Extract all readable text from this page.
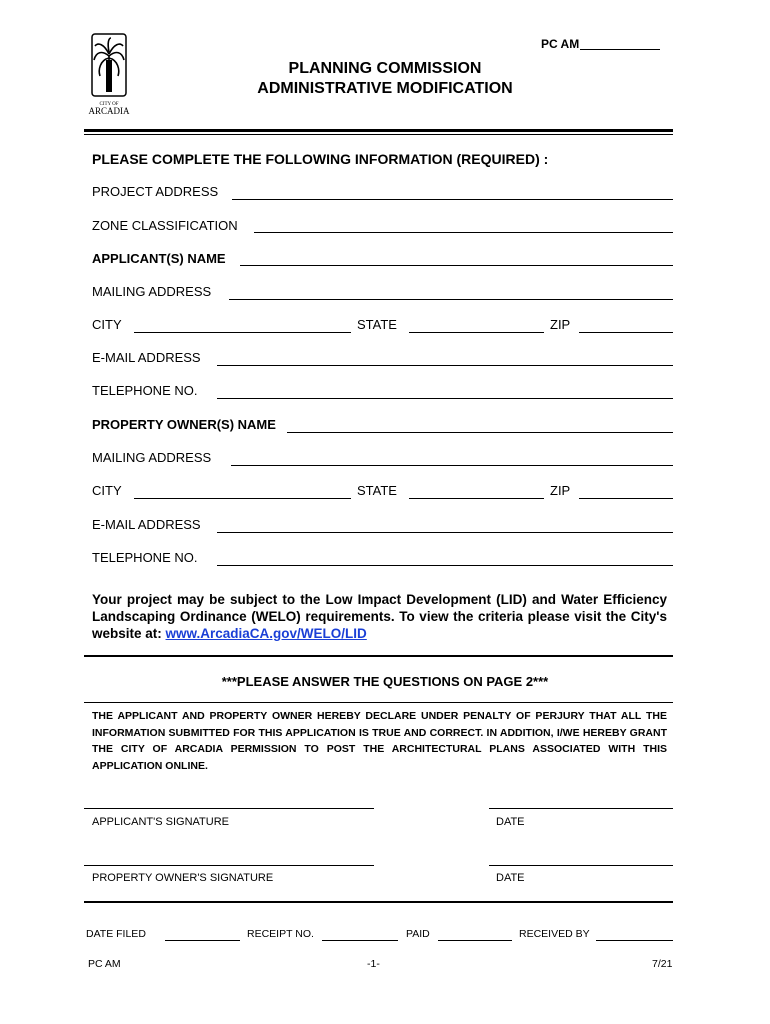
CITY OF
ARCADIA
PC AM
PLANNING COMMISSION
ADMINISTRATIVE MODIFICATION
PLEASE COMPLETE THE FOLLOWING INFORMATION (REQUIRED) :
PROJECT ADDRESS
ZONE CLASSIFICATION
APPLICANT(S) NAME
MAILING ADDRESS
CITY	STATE	ZIP
E-MAIL ADDRESS
TELEPHONE NO.
PROPERTY OWNER(S) NAME
MAILING ADDRESS
CITY	STATE	ZIP
E-MAIL ADDRESS
TELEPHONE NO.
Your project may be subject to the Low Impact Development (LID) and Water Efficiency Landscaping Ordinance (WELO) requirements. To view the criteria please visit the City's website at: www.ArcadiaCA.gov/WELO/LID
***PLEASE ANSWER THE QUESTIONS ON PAGE 2***
THE APPLICANT AND PROPERTY OWNER HEREBY DECLARE UNDER PENALTY OF PERJURY THAT ALL THE INFORMATION SUBMITTED FOR THIS APPLICATION IS TRUE AND CORRECT. IN ADDITION, I/WE HEREBY GRANT THE CITY OF ARCADIA PERMISSION TO POST THE ARCHITECTURAL PLANS ASSOCIATED WITH THIS APPLICATION ONLINE.
APPLICANT'S SIGNATURE	DATE
PROPERTY OWNER'S SIGNATURE	DATE
DATE FILED	RECEIPT NO.	PAID	RECEIVED BY
PC AM	-1-	7/21
